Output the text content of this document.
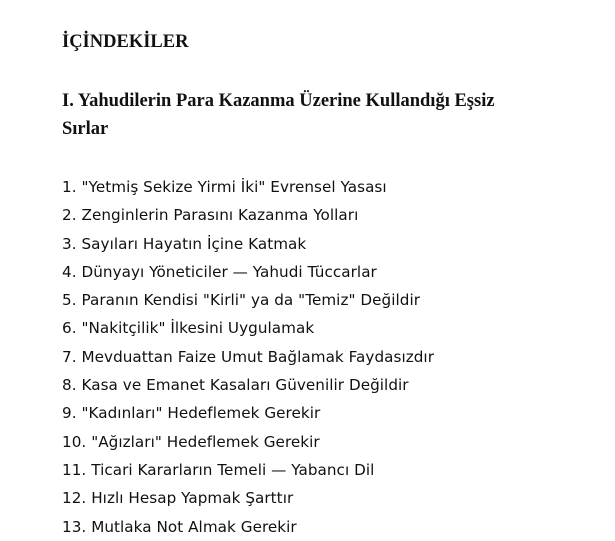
İÇİNDEKİLER
I. Yahudilerin Para Kazanma Üzerine Kullandığı Eşsiz Sırlar
1. "Yetmiş Sekize Yirmi İki" Evrensel Yasası
2. Zenginlerin Parasını Kazanma Yolları
3. Sayıları Hayatın İçine Katmak
4. Dünyayı Yöneticiler — Yahudi Tüccarlar
5. Paranın Kendisi "Kirli" ya da "Temiz" Değildir
6. "Nakitçilik" İlkesini Uygulamak
7. Mevduattan Faize Umut Bağlamak Faydasızdır
8. Kasa ve Emanet Kasaları Güvenilir Değildir
9. "Kadınları" Hedeflemek Gerekir
10. "Ağızları" Hedeflemek Gerekir
11. Ticari Kararların Temeli — Yabancı Dil
12. Hızlı Hesap Yapmak Şarttır
13. Mutlaka Not Almak Gerekir
